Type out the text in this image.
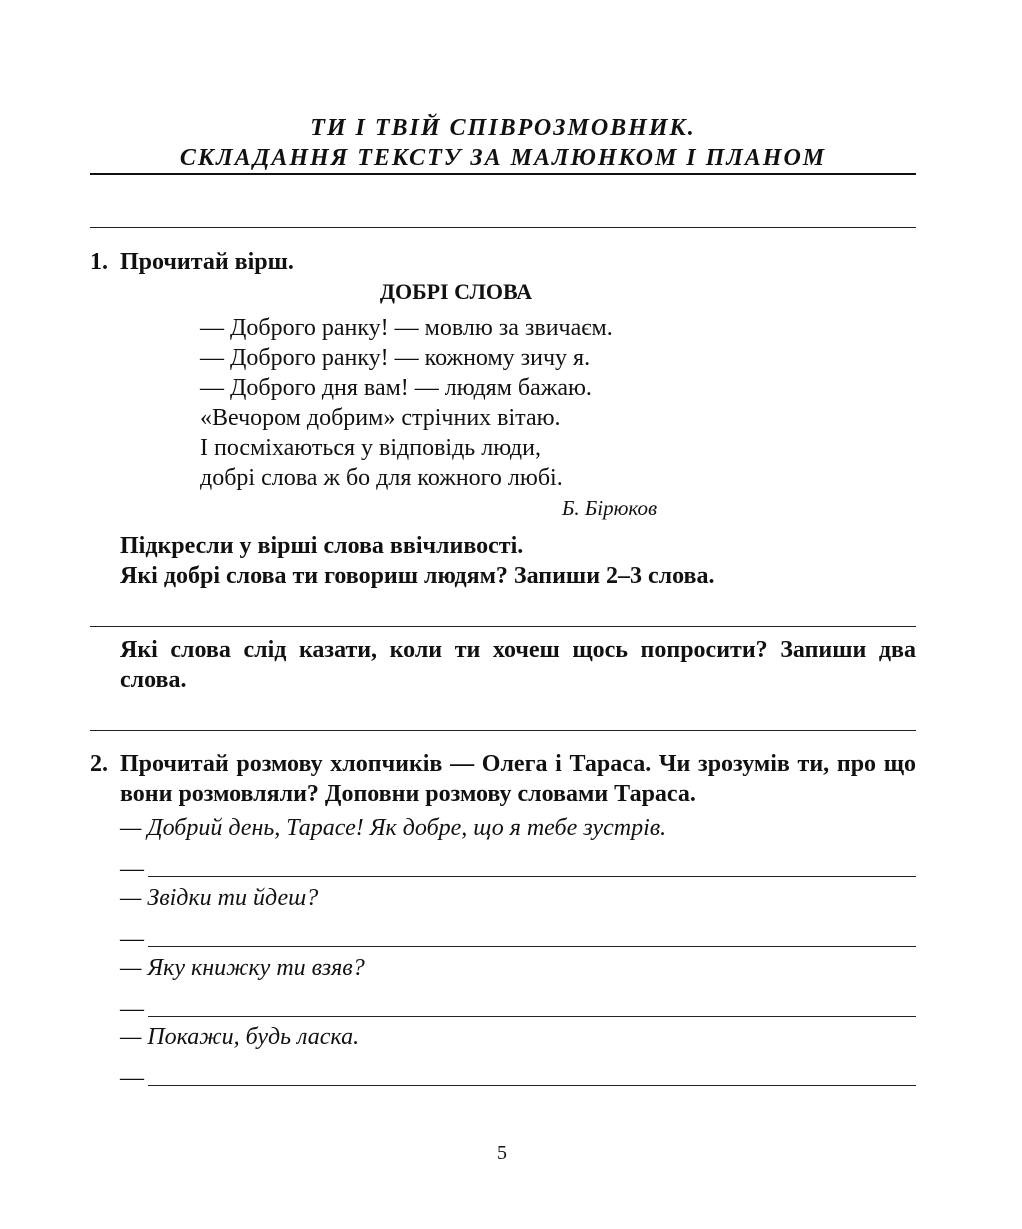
ТИ І ТВІЙ СПІВРОЗМОВНИК.
СКЛАДАННЯ ТЕКСТУ ЗА МАЛЮНКОМ І ПЛАНОМ
1. Прочитай вірш.
ДОБРІ СЛОВА
— Доброго ранку! — мовлю за звичаєм.
— Доброго ранку! — кожному зичу я.
— Доброго дня вам! — людям бажаю.
«Вечором добрим» стрічних вітаю.
І посміхаються у відповідь люди,
добрі слова ж бо для кожного любі.
Б. Бірюков
Підкресли у вірші слова ввічливості.
Які добрі слова ти говориш людям? Запиши 2–3 слова.
Які слова слід казати, коли ти хочеш щось попросити? Запиши два
слова.
2. Прочитай розмову хлопчиків — Олега і Тараса. Чи зрозумів ти, про що
вони розмовляли? Доповни розмову словами Тараса.
— Добрий день, Тарасе! Як добре, що я тебе зустрів.
—
— Звідки ти йдеш?
—
— Яку книжку ти взяв?
—
— Покажи, будь ласка.
—
5
